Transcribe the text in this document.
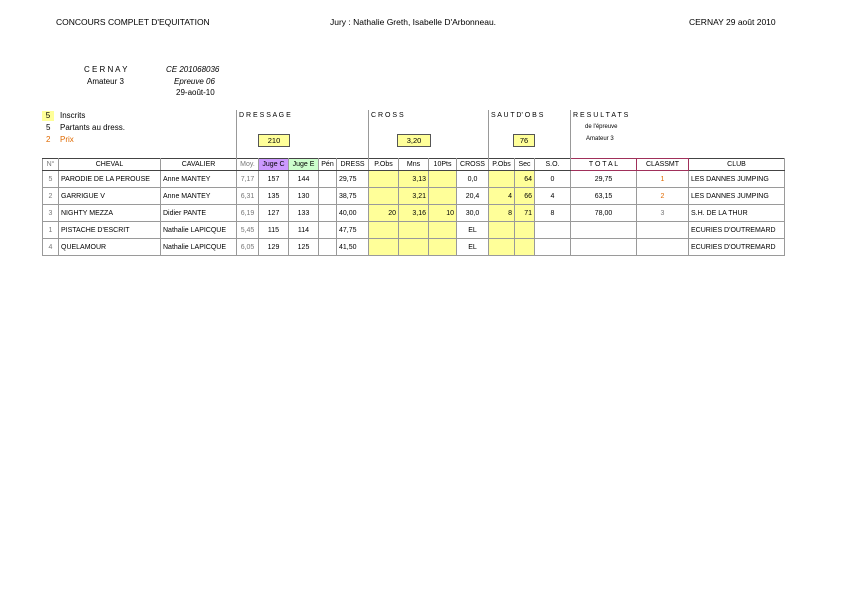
CONCOURS COMPLET D'EQUITATION	Jury : Nathalie Greth, Isabelle D'Arbonneau.	CERNAY 29 août 2010
C E R N A Y
Amateur 3
CE 201068036
Epreuve 06
29-août-10
5	Inscrits
5 Partants au dress.
2 Prix
D R E S S A G E
210
C R O S S
3,20
S A U T D' O B S
76
R E S U L T A T S
de l'épreuve
Amateur 3
N°	CHEVAL	CAVALIER	Moy.	Juge C	Juge E	Pén	DRESS	P.Obs	Mns	10Pts	CROSS	P.Obs	Sec	S.O.	T O T A L	CLASSMT	CLUB
5	PARODIE DE LA PEROUSE	Anne MANTEY	7,17	157	144		29,75		3,13		0,0		64	0	29,75	1	LES DANNES JUMPING
2	GARRIGUE V	Anne MANTEY	6,31	135	130		38,75		3,21		20,4	4	66	4	63,15	2	LES DANNES JUMPING
3	NIGHTY MEZZA	Didier PANTE	6,19	127	133		40,00	20	3,16	10	30,0	8	71	8	78,00	3	S.H. DE LA THUR
1	PISTACHE D'ESCRIT	Nathalie LAPICQUE	5,45	115	114		47,75				EL						ECURIES D'OUTREMARD
4	QUELAMOUR	Nathalie LAPICQUE	6,05	129	125		41,50				EL						ECURIES D'OUTREMARD
